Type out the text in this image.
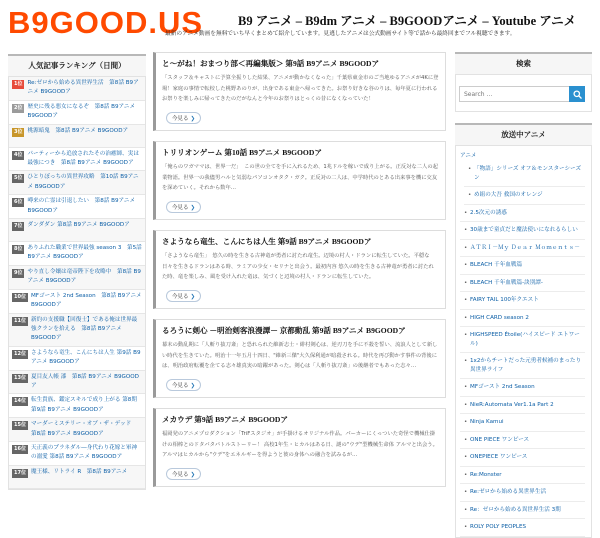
B9GOOD.US	B9 アニメ – B9dm アニメ – B9GOODアニメ – Youtube アニメ
最新のアニメ動画を無料でいち早くまとめて紹介しています。見逃したアニメは公式動画サイト等で話から最終回までフル視聴できます。
人気記事ランキング（日間）
1位 Re:ゼロから始める異世界生活　第8話 B9アニメ B9GOODア
2位 歴史に残る悪女になるぞ　第8話 B9アニメ B9GOODア
3位 桃源暗鬼　第8話 B9アニメ B9GOODア
4位 パーティーから追放されたその治癒師、実は最強につき　第8話 B9アニメ B9GOODア
5位 ひとりぼっちの異世界攻略　第10話 B9アニメ B9GOODア
6位 噂来の亡霊は引退したい　第8話 B9アニメ B9GOODア
7位 ダンダダン 第8話 B9アニメ B9GOODア
8位 ありふれた職業で世界最強 season 3　第5話 B9アニメ B9GOODア
9位 やり直し令嬢は竜帝陛下を攻略中　第8話 B9アニメ B9GOODア
10位 MFゴースト 2nd Season　第8話 B9アニメ B9GOODア
11位 新約の支援職【回復士】である俺は世界最強クランを拾える　第8話 B9アニメ B9GOODア
12位 さようなら竜生、こんにちは人生 第9話 B9アニメ B9GOODア
13位 夏目友人帳 漆　第8話 B9アニメ B9GOODア
14位 転生貴族、鑑定スキルで成り上がる 第8期 第9話 B9アニメ B9GOODア
15位 マーダーミステリー・オブ・ザ・デッド　第8話 B9アニメ B9GOODア
16位 天正義のプラネダル―身代わり花嫁と軍神の溺愛 第8話 B9アニメ B9GOODア
17位 魔王様、リトライ R　第8話 B9アニメ
と～がね！おまつり部＜再編集版＞ 第9話 B9アニメ B9GOODア
「スタッフ＆キャストに予算全振りした結果、アニメが動かなくなった」千葉県東金市のご当地ゆるアニメが4Kに登場！家庭の事情で転校した桃野あのりが、出身である東金へ帰ってきた。お祭り好きな谷のりは、毎年夏に行われるお祭りを楽しみに帰ってきたのだがなんと今年のお祭りはとっくの昔になくなっていた！
今見る ❯
トリリオンゲーム 第10話 B9アニメ B9GOODア
「俺らのワガママは、世界一だ」　この世の全てを手に入れるため、1兆ドルを稼いで成り上がる。正反対な二人の起業物語。世界一の我儘男ハルと気弱なパソコンオタク・ガク。正反対の二人は、中学時代のとある出来事を機に交友を深めていく。それから数年…
今見る ❯
さようなら竜生、こんにちは人生 第9話 B9アニメ B9GOODア
「さようなら竜生」　悠久の時を生きる古神竜が勇者に討たれ竜生。辺境の村人・ドランに転生していた。平穏な日々を生きるドランはある時、ラミアの少女・セリナと出会う。最初内容 悠久の時を生きる古神竜が勇者に討たれた時、竜を楽しみ、風を受け入れた竜は、気づくと辺境の村人・ドランに転生していた。
今見る ❯
るろうに剣心 －明治剣客浪漫譚－ 京都動乱 第9話 B9アニメ B9GOODア
幕末の動乱期に「人斬り抜刀斎」と恐れられた維新志士・緋村剣心は、逆刃刀を手に不殺を誓い、流浪人として新しい時代を生きていた。明治十一年五月十四日、"維新三傑"大久保利通が暗殺される。時代を再び動かす事件の背後には、明治政府転覆を企てる志々雄真実の暗躍があった。剣心は「人斬り抜刀斎」の後継者でもあった志々…
今見る ❯
メカウデ 第9話 B9アニメ B9GOODア
福岡発のアニメプロダクション「TriFスタジオ」が手掛けるオリジナル作品。パーカーにくっついた奇怪で機械仕掛けの相棒とのドタバタバトルストーリー！ 高校1年生・ヒカルはある日、謎の"ウデ"型機械生命体 アルマと出会う。アルマはヒカルから"ウデ"をエネルギーを得ようと彼の身体への融合を試みるが…
今見る ❯
検索
Search ...
放送中アニメ
アニメ
• 「物語」シリーズ オフ＆モンスターシーズン
• め組の大吾 救国のオレンジ
• 2.5次元の誘惑
• 30歳まで童貞だと魔法使いになれるらしい
• ＡＴＲＩ－Ｍｙ Ｄｅａｒ Ｍｏｍｅｎｔｓ－
• BLEACH 千年血戦篇
• BLEACH 千年血戦篇-訣別譚-
• FAIRY TAIL 100年クエスト
• HIGH CARD season 2
• HIGHSPEED Étoile(ハイスピード エトワール)
• 1x2からチートだった元勇者候補のまったり異世界ライフ
• MFゴースト 2nd Season
• NieR:Automata Ver1.1a Part 2
• Ninja Kamui
• ONE PIECE ワンピース
• ONEPIECE ワンピース
• Re:Monster
• Re:ゼロから始める異世界生活
• Re：ゼロから始める異世界生活 3期
• ROLY POLY PEOPLES
